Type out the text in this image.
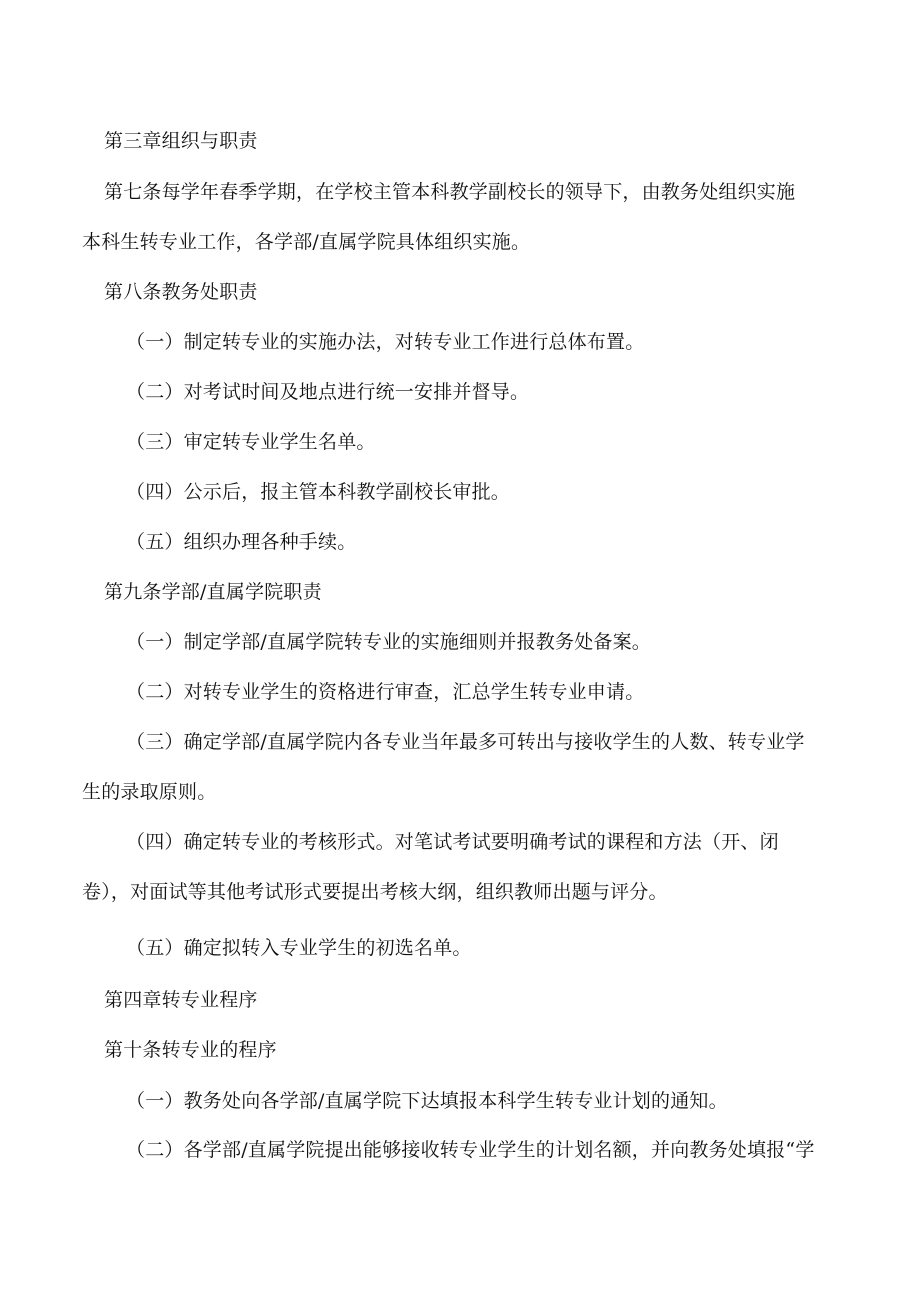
第三章组织与职责
第七条每学年春季学期，在学校主管本科教学副校长的领导下，由教务处组织实施
本科生转专业工作，各学部/直属学院具体组织实施。
第八条教务处职责
（一）制定转专业的实施办法，对转专业工作进行总体布置。
（二）对考试时间及地点进行统一安排并督导。
（三）审定转专业学生名单。
（四）公示后，报主管本科教学副校长审批。
（五）组织办理各种手续。
第九条学部/直属学院职责
（一）制定学部/直属学院转专业的实施细则并报教务处备案。
（二）对转专业学生的资格进行审查，汇总学生转专业申请。
（三）确定学部/直属学院内各专业当年最多可转出与接收学生的人数、转专业学
生的录取原则。
（四）确定转专业的考核形式。对笔试考试要明确考试的课程和方法（开、闭
卷），对面试等其他考试形式要提出考核大纲，组织教师出题与评分。
（五）确定拟转入专业学生的初选名单。
第四章转专业程序
第十条转专业的程序
（一）教务处向各学部/直属学院下达填报本科学生转专业计划的通知。
（二）各学部/直属学院提出能够接收转专业学生的计划名额，并向教务处填报“学
